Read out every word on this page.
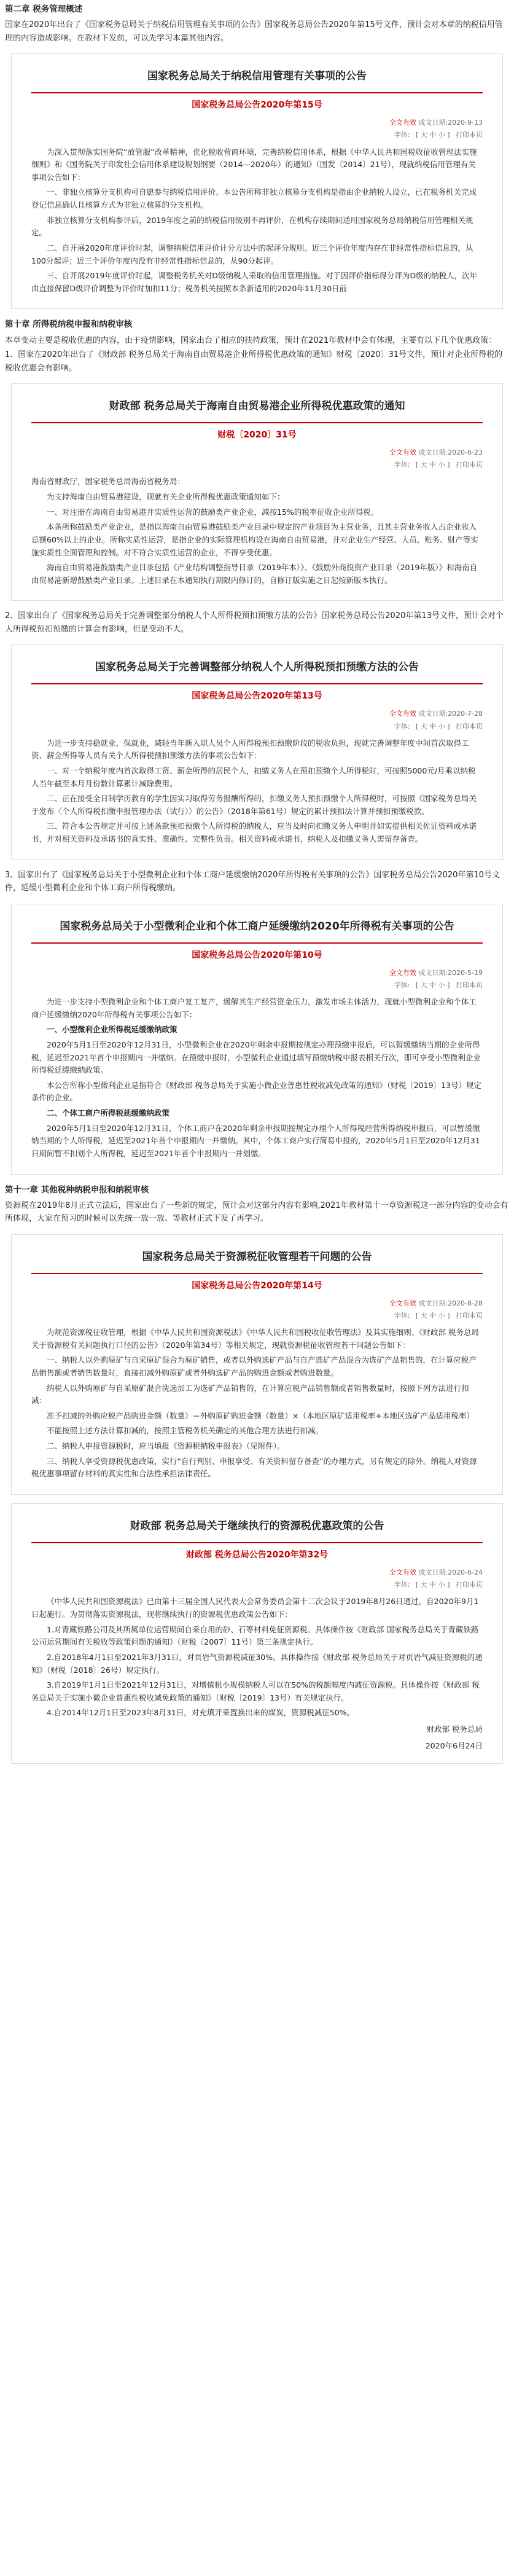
第二章 税务管理概述
国家在2020年出台了《国家税务总局关于纳税信用管理有关事项的公告》国家税务总局公告2020年第15号文件，预计会对本章的纳税信用管理的内容造成影响。在教材下发前，可以先学习本篇其他内容。
国家税务总局关于纳税信用管理有关事项的公告
国家税务总局公告2020年第15号
全文有效 成文日期:2020-9-13
字体: [ 大 中 小 ] 打印本页

为深入贯彻落实国务院“放管服”改革精神，优化税收营商环境，完善纳税信用体系，根据《中华人民共和国税收征收管理法实施细则》和《国务院关于印发社会信用体系建设规划纲要（2014—2020年）的通知》（国发〔2014〕21号），现就纳税信用管理有关事项公告如下：

一、非独立核算分支机构可自愿参与纳税信用评价。本公告所称非独立核算分支机构是指由企业纳税人设立，已在税务机关完成登记信息确认且核算方式为非独立核算的分支机构。

非独立核算分支机构参评后，2019年度之前的纳税信用级别不再评价，在机构存续期间适用国家税务总局纳税信用管理相关规定。

二、自开展2020年度评价时起，调整纳税信用评价计分方法中的起评分规则。近三个评价年度内存在非经常性指标信息的，从100分起评；近三个评价年度内没有非经常性指标信息的，从90分起评。

三、自开展2019年度评价时起，调整税务机关对D级纳税人采取的信用管理措施。对于因评价指标得分评为D级的纳税人，次年由直接保留D级评价调整为评价时加扣11分；税务机关按照本条新适用的2020年11月30日前

第十章 所得税纳税申报和纳税审核
本章变动主要是税收优惠的内容，由于疫情影响，国家出台了相应的扶持政策，预计在2021年教材中会有体现，主要有以下几个优惠政策：
1、国家在2020年出台了《财政部 税务总局关于海南自由贸易港企业所得税优惠政策的通知》财税〔2020〕31号文件，预计对企业所得税的税收优惠会有影响。
财政部 税务总局关于海南自由贸易港企业所得税优惠政策的通知
财税〔2020〕31号
全文有效 成文日期:2020-6-23
字体: [ 大 中 小 ] 打印本页

海南省财政厅，国家税务总局海南省税务局：

为支持海南自由贸易港建设，现就有关企业所得税优惠政策通知如下：

一、对注册在海南自由贸易港并实质性运营的鼓励类产业企业，减按15%的税率征收企业所得税。

本条所称鼓励类产业企业，是指以海南自由贸易港鼓励类产业目录中规定的产业项目为主营业务，且其主营业务收入占企业收入总额60%以上的企业。所称实质性运营，是指企业的实际管理机构设在海南自由贸易港，并对企业生产经营、人员、账务、财产等实施实质性全面管理和控制。对不符合实质性运营的企业，不得享受优惠。

海南自由贸易港鼓励类产业目录包括《产业结构调整指导目录（2019年本）》、《鼓励外商投资产业目录（2019年版）》和海南自由贸易港新增鼓励类产业目录。上述目录在本通知执行期限内修订的，自修订版实施之日起按新版本执行。

2、国家出台了《国家税务总局关于完善调整部分纳税人个人所得税预扣预缴方法的公告》国家税务总局公告2020年第13号文件，预计会对个人所得税预扣预缴的计算会有影响，但是变动不大。
国家税务总局关于完善调整部分纳税人个人所得税预扣预缴方法的公告
国家税务总局公告2020年第13号
全文有效 成文日期:2020-7-28
字体: [ 大 中 小 ] 打印本页

为进一步支持稳就业、保就业，减轻当年新入职人员个人所得税预扣预缴阶段的税收负担，现就完善调整年度中间首次取得工资、薪金所得等人员有关个人所得税预扣预缴方法的事项公告如下：

一、对一个纳税年度内首次取得工资、薪金所得的居民个人，扣缴义务人在预扣预缴个人所得税时，可按照5000元/月乘以纳税人当年截至本月月份数计算累计减除费用。

二、正在接受全日制学历教育的学生因实习取得劳务报酬所得的，扣缴义务人预扣预缴个人所得税时，可按照《国家税务总局关于发布〈个人所得税扣缴申报管理办法（试行）〉的公告》（2018年第61号）规定的累计预扣法计算并预扣预缴税款。

三、符合本公告规定并可按上述条款预扣预缴个人所得税的纳税人，应当及时向扣缴义务人申明并如实提供相关佐证资料或承诺书，并对相关资料及承诺书的真实性、准确性、完整性负责。相关资料或承诺书，纳税人及扣缴义务人需留存备查。

3、国家出台了《国家税务总局关于小型微利企业和个体工商户延缓缴纳2020年所得税有关事项的公告》国家税务总局公告2020年第10号文件，延缓小型微利企业和个体工商户所得税缴纳。
国家税务总局关于小型微利企业和个体工商户延缓缴纳2020年所得税有关事项的公告
国家税务总局公告2020年第10号
全文有效 成文日期:2020-5-19
字体: [ 大 中 小 ] 打印本页

为进一步支持小型微利企业和个体工商户复工复产，缓解其生产经营资金压力，激发市场主体活力，现就小型微利企业和个体工商户延缓缴纳2020年所得税有关事项公告如下：

一、小型微利企业所得税延缓缴纳政策

2020年5月1日至2020年12月31日，小型微利企业在2020年剩余申报期按规定办理预缴申报后，可以暂缓缴纳当期的企业所得税，延迟至2021年首个申报期内一并缴纳。在预缴申报时，小型微利企业通过填写预缴纳税申报表相关行次，即可享受小型微利企业所得税延缓缴纳政策。

本公告所称小型微利企业是指符合《财政部 税务总局关于实施小微企业普惠性税收减免政策的通知》（财税〔2019〕13号）规定条件的企业。

二、个体工商户所得税延缓缴纳政策

2020年5月1日至2020年12月31日，个体工商户在2020年剩余申报期按规定办理个人所得税经营所得纳税申报后，可以暂缓缴纳当期的个人所得税，延迟至2021年首个申报期内一并缴纳。其中，个体工商户实行简易申报的，2020年5月1日至2020年12月31日期间暂不扣划个人所得税，延迟至2021年首个申报期内一并划缴。

第十一章 其他税种纳税申报和纳税审核
资源税在2019年8月正式立法后，国家出台了一些新的规定，预计会对这部分内容有影响,2021年教材第十一章资源税这一部分内容的变动会有所体现，大家在预习的时候可以先统一放一放、等教材正式下发了再学习。
国家税务总局关于资源税征收管理若干问题的公告
国家税务总局公告2020年第14号
全文有效 成文日期:2020-8-28
字体: [ 大 中 小 ] 打印本页

为规范资源税征收管理，根据《中华人民共和国资源税法》《中华人民共和国税收征收管理法》及其实施细则、《财政部 税务总局关于资源税有关问题执行口径的公告》（2020年第34号）等相关规定，现就资源税征收管理若干问题公告如下：

一、纳税人以外购原矿与自采原矿混合为原矿销售，或者以外购选矿产品与自产选矿产品混合为选矿产品销售的，在计算应税产品销售额或者销售数量时，直接扣减外购原矿或者外购选矿产品的购进金额或者购进数量。

纳税人以外购原矿与自采原矿混合洗选加工为选矿产品销售的，在计算应税产品销售额或者销售数量时，按照下列方法进行扣减：

准予扣减的外购应税产品购进金额（数量）＝外购原矿购进金额（数量）×（本地区原矿适用税率÷本地区选矿产品适用税率）

不能按照上述方法计算扣减的，按照主管税务机关确定的其他合理方法进行扣减。

二、纳税人申报资源税时，应当填报《资源税纳税申报表》（见附件）。

三、纳税人享受资源税优惠政策，实行“自行判别、申报享受、有关资料留存备查”的办理方式，另有规定的除外。纳税人对资源税优惠事项留存材料的真实性和合法性承担法律责任。

财政部 税务总局关于继续执行的资源税优惠政策的公告
财政部 税务总局公告2020年第32号
全文有效 成文日期:2020-6-24
字体: [ 大 中 小 ] 打印本页

《中华人民共和国资源税法》已由第十三届全国人民代表大会常务委员会第十二次会议于2019年8月26日通过，自2020年9月1日起施行。为贯彻落实资源税法，现将继续执行的资源税优惠政策公告如下：

1.对青藏铁路公司及其所属单位运营期间自采自用的砂、石等材料免征资源税。具体操作按《财政部 国家税务总局关于青藏铁路公司运营期间有关税收等政策问题的通知》（财税〔2007〕11号）第三条规定执行。

2.自2018年4月1日至2021年3月31日，对页岩气资源税减征30%。具体操作按《财政部 税务总局关于对页岩气减征资源税的通知》（财税〔2018〕26号）规定执行。

3.自2019年1月1日至2021年12月31日，对增值税小规模纳税人可以在50%的税额幅度内减征资源税。具体操作按《财政部 税务总局关于实施小微企业普惠性税收减免政策的通知》（财税〔2019〕13号）有关规定执行。

4.自2014年12月1日至2023年8月31日，对充填开采置换出来的煤炭，资源税减征50%。

财政部 税务总局
2020年6月24日
